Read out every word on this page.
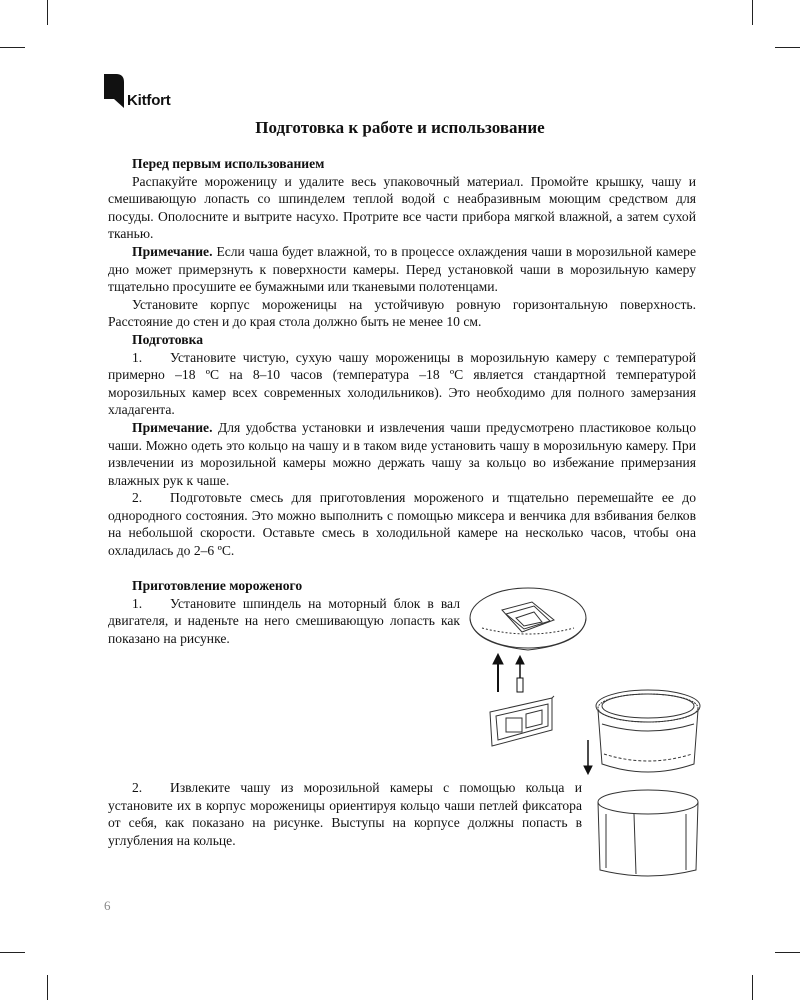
Kitfort
Подготовка к работе и использование

Перед первым использованием

Распакуйте мороженицу и удалите весь упаковочный материал. Промойте крышку, чашу и смешивающую лопасть со шпинделем теплой водой с неабразивным моющим средством для посуды. Ополосните и вытрите насухо. Протрите все части прибора мягкой влажной, а затем сухой тканью.

Примечание. Если чаша будет влажной, то в процессе охлаждения чаши в морозильной камере дно может примерзнуть к поверхности камеры. Перед установкой чаши в морозильную камеру тщательно просушите ее бумажными или тканевыми полотенцами.

Установите корпус мороженицы на устойчивую ровную горизонтальную поверхность. Расстояние до стен и до края стола должно быть не менее 10 см.

Подготовка

1. Установите чистую, сухую чашу мороженицы в морозильную камеру с температурой примерно –18 ºС на 8–10 часов (температура –18 ºС является стандартной температурой морозильных камер всех современных холодильников). Это необходимо для полного замерзания хладагента.

Примечание. Для удобства установки и извлечения чаши предусмотрено пластиковое кольцо чаши. Можно одеть это кольцо на чашу и в таком виде установить чашу в морозильную камеру. При извлечении из морозильной камеры можно держать чашу за кольцо во избежание примерзания влажных рук к чаше.

2. Подготовьте смесь для приготовления мороженого и тщательно перемешайте ее до однородного состояния. Это можно выполнить с помощью миксера и венчика для взбивания белков на небольшой скорости. Оставьте смесь в холодильной камере на несколько часов, чтобы она охладилась до 2–6 ºС.

Приготовление мороженого

1. Установите шпиндель на моторный блок в вал двигателя, и наденьте на него смешивающую лопасть как показано на рисунке.

2. Извлеките чашу из морозильной камеры с помощью кольца и установите их в корпус мороженицы ориентируя кольцо чаши петлей фиксатора от себя, как показано на рисунке. Выступы на корпусе должны попасть в углубления на кольце.

6
